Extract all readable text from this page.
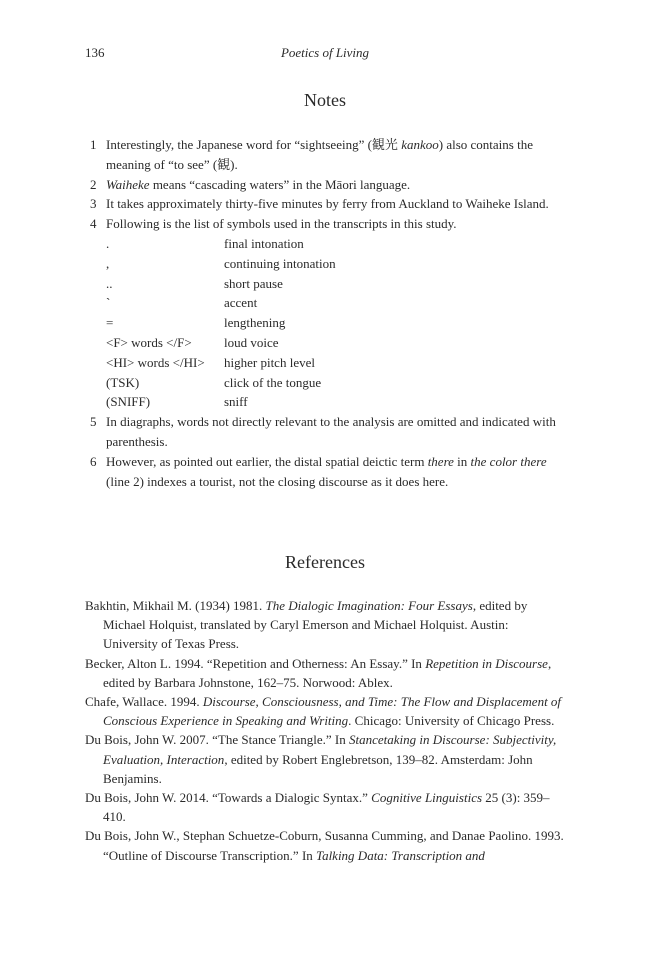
136	Poetics of Living
Notes
1 Interestingly, the Japanese word for “sightseeing” (観光 kankoo) also contains the meaning of “to see” (観).
2 Waiheke means “cascading waters” in the Māori language.
3 It takes approximately thirty-five minutes by ferry from Auckland to Waiheke Island.
4 Following is the list of symbols used in the transcripts in this study.
.	final intonation
,	continuing intonation
..	short pause
`	accent
=	lengthening
<F> words </F>	loud voice
<HI> words </HI>	higher pitch level
(TSK)	click of the tongue
(SNIFF)	sniff
5 In diagraphs, words not directly relevant to the analysis are omitted and indicated with parenthesis.
6 However, as pointed out earlier, the distal spatial deictic term there in the color there (line 2) indexes a tourist, not the closing discourse as it does here.
References
Bakhtin, Mikhail M. (1934) 1981. The Dialogic Imagination: Four Essays, edited by Michael Holquist, translated by Caryl Emerson and Michael Holquist. Austin: University of Texas Press.
Becker, Alton L. 1994. “Repetition and Otherness: An Essay.” In Repetition in Discourse, edited by Barbara Johnstone, 162–75. Norwood: Ablex.
Chafe, Wallace. 1994. Discourse, Consciousness, and Time: The Flow and Displacement of Conscious Experience in Speaking and Writing. Chicago: University of Chicago Press.
Du Bois, John W. 2007. “The Stance Triangle.” In Stancetaking in Discourse: Subjectivity, Evaluation, Interaction, edited by Robert Englebretson, 139–82. Amsterdam: John Benjamins.
Du Bois, John W. 2014. “Towards a Dialogic Syntax.” Cognitive Linguistics 25 (3): 359–410.
Du Bois, John W., Stephan Schuetze-Coburn, Susanna Cumming, and Danae Paolino. 1993. “Outline of Discourse Transcription.” In Talking Data: Transcription and
